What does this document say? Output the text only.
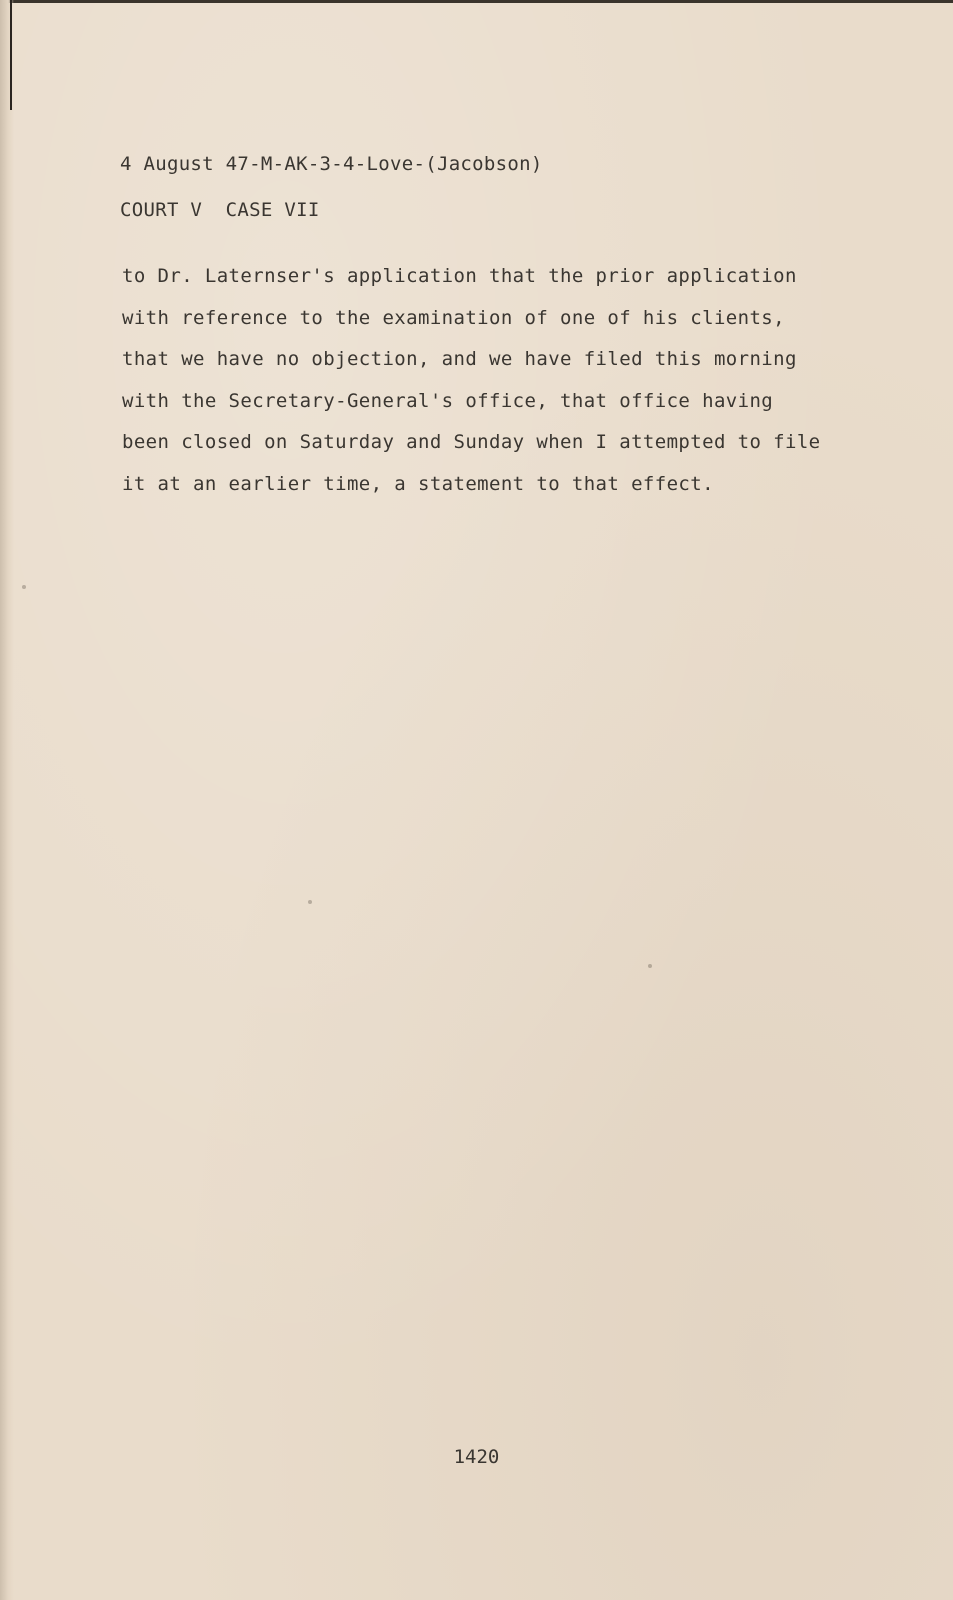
4 August 47-M-AK-3-4-Love-(Jacobson)
COURT V  CASE VII
to Dr. Laternser's application that the prior application
with reference to the examination of one of his clients,
that we have no objection, and we have filed this morning
with the Secretary-General's office, that office having
been closed on Saturday and Sunday when I attempted to file
it at an earlier time, a statement to that effect.
1420
